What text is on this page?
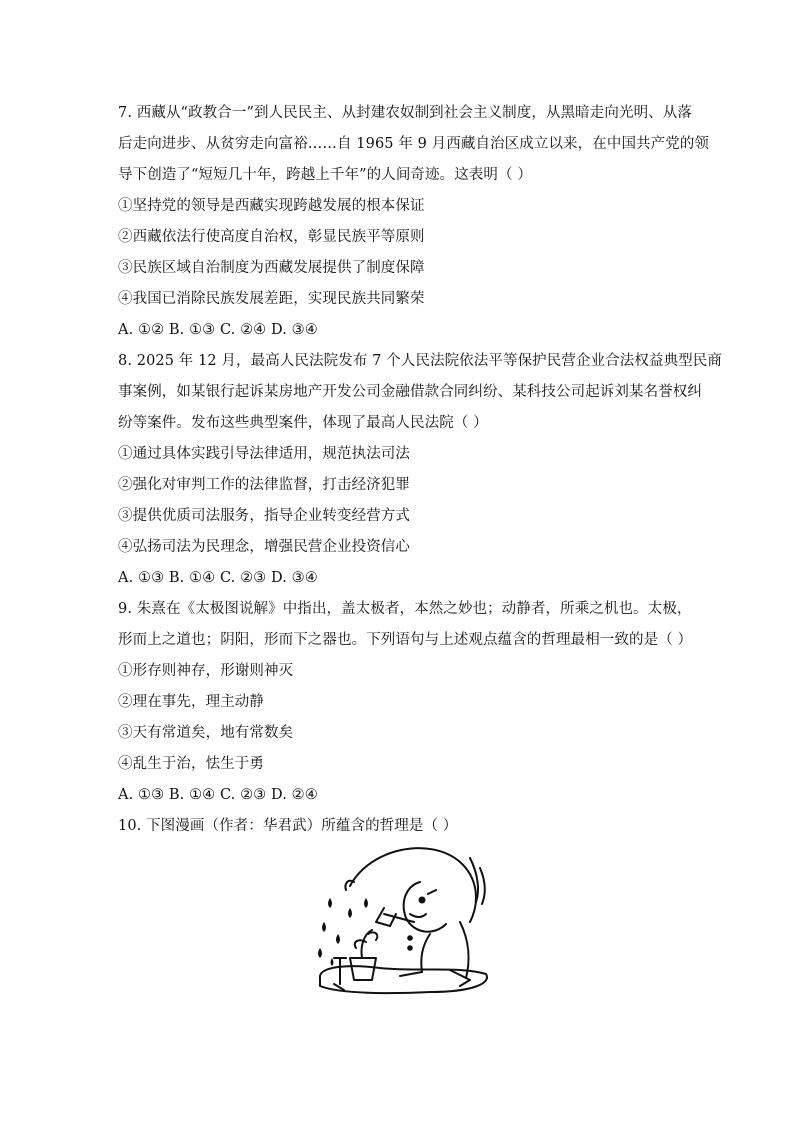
7. 西藏从“政教合一”到人民民主、从封建农奴制到社会主义制度，从黑暗走向光明、从落
后走向进步、从贫穷走向富裕……自 1965 年 9 月西藏自治区成立以来，在中国共产党的领
导下创造了“短短几十年，跨越上千年”的人间奇迹。这表明（ ）
①坚持党的领导是西藏实现跨越发展的根本保证
②西藏依法行使高度自治权，彰显民族平等原则
③民族区域自治制度为西藏发展提供了制度保障
④我国已消除民族发展差距，实现民族共同繁荣
A. ①② B. ①③ C. ②④ D. ③④
8. 2025 年 12 月，最高人民法院发布 7 个人民法院依法平等保护民营企业合法权益典型民商
事案例，如某银行起诉某房地产开发公司金融借款合同纠纷、某科技公司起诉刘某名誉权纠
纷等案件。发布这些典型案件，体现了最高人民法院（ ）
①通过具体实践引导法律适用，规范执法司法
②强化对审判工作的法律监督，打击经济犯罪
③提供优质司法服务，指导企业转变经营方式
④弘扬司法为民理念，增强民营企业投资信心
A. ①③ B. ①④ C. ②③ D. ③④
9. 朱熹在《太极图说解》中指出，盖太极者，本然之妙也；动静者，所乘之机也。太极，
形而上之道也；阴阳，形而下之器也。下列语句与上述观点蕴含的哲理最相一致的是（ ）
①形存则神存，形谢则神灭
②理在事先，理主动静
③天有常道矣，地有常数矣
④乱生于治，怯生于勇
A. ①③ B. ①④ C. ②③ D. ②④
10. 下图漫画（作者：华君武）所蕴含的哲理是（ ）
